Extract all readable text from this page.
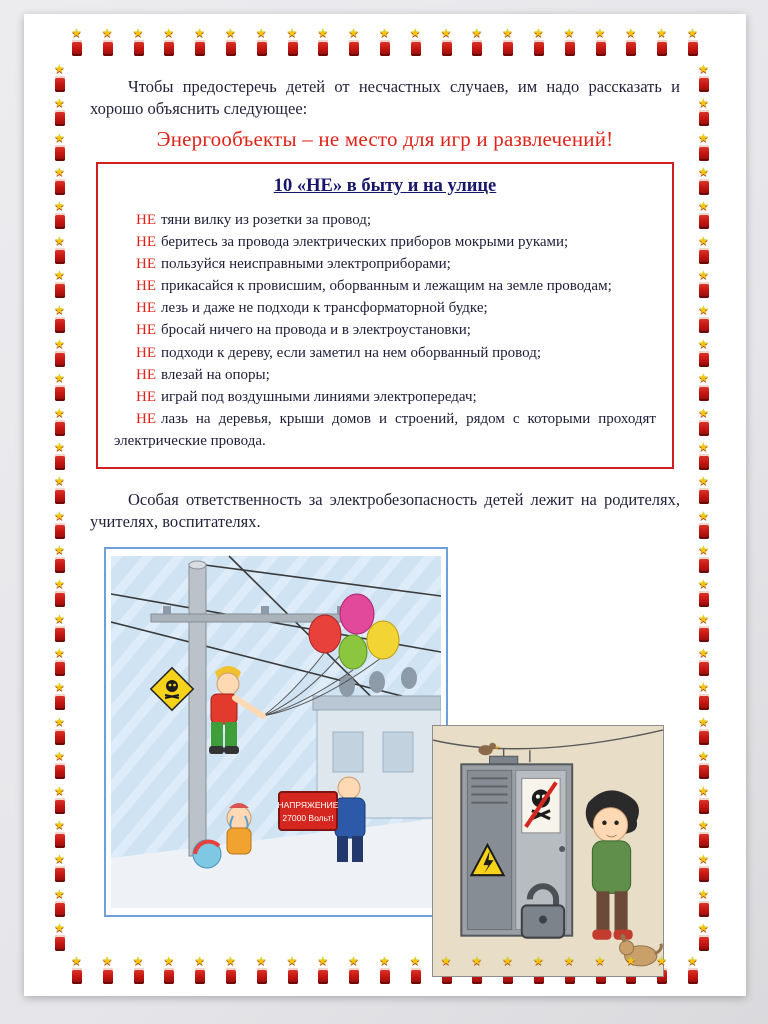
★
★
★
★
★
★
★
★
★
★
★
★
★
★
★
★
★
★
★
★
★
★
★
★
★
★
★
★
★
★
★
★
★
★
★
★
★
★
★
★
★
★
★
★
★
★
★
★
★
★
★
★
★
★
★
★
★
★
★
★
★
★
★
★
★
★
★
★
★
★
★
★
★
★
★
★
★
★
★
★
★
★
★
★
★
★
★
★
★
★
★
★
★
★

Чтобы предостеречь детей от несчастных случаев, им надо рассказать и хорошо объяснить следующее:

Энергообъекты – не место для игр и развлечений!
10 «НЕ» в быту и на улице

НЕ тяни вилку из розетки за провод;

НЕ беритесь за провода электрических приборов мокрыми руками;

НЕ пользуйся неисправными электроприборами;

НЕ прикасайся к провисшим, оборванным и лежащим на земле проводам;

НЕ лезь и даже не подходи к трансформаторной будке;

НЕ бросай ничего на провода и в электроустановки;

НЕ подходи к дереву, если заметил на нем оборванный провод;

НЕ влезай на опоры;

НЕ играй под воздушными линиями электропередач;

НЕ лазь на деревья, крыши домов и строений, рядом с которыми проходят электрические провода.

Особая ответственность за электробезопасность детей лежит на родителях, учителях, воспитателях.

НАПРЯЖЕНИЕ
27000 Вольт!
